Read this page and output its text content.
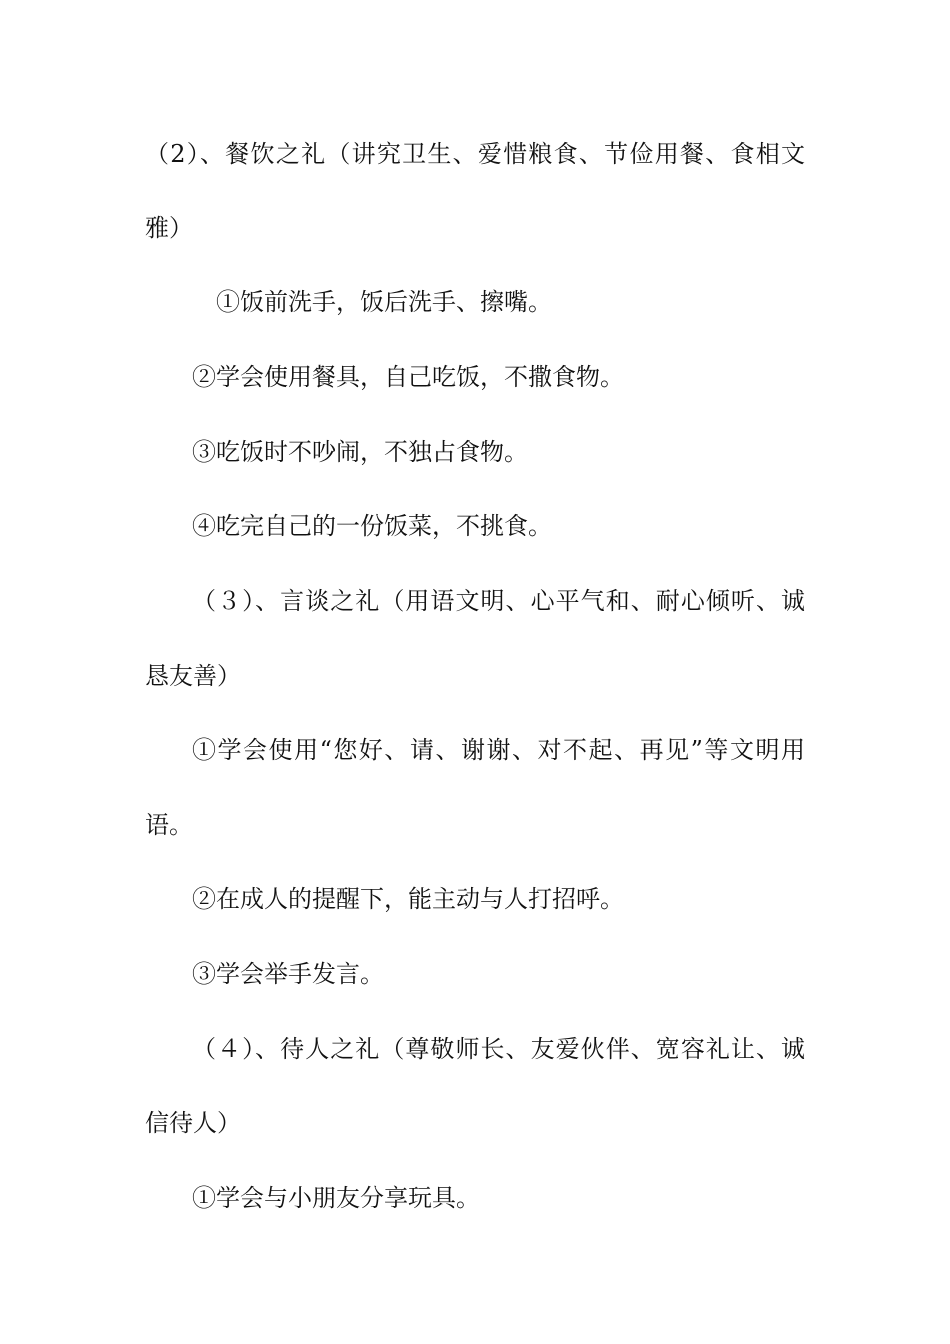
（2）、餐饮之礼（讲究卫生、爱惜粮食、节俭用餐、食相文

雅）

①饭前洗手，饭后洗手、擦嘴。

②学会使用餐具，自己吃饭，不撒食物。

③吃饭时不吵闹，不独占食物。

④吃完自己的一份饭菜，不挑食。

（３）、言谈之礼（用语文明、心平气和、耐心倾听、诚

恳友善）

①学会使用“您好、请、谢谢、对不起、再见”等文明用

语。

②在成人的提醒下，能主动与人打招呼。

③学会举手发言。

（４）、待人之礼（尊敬师长、友爱伙伴、宽容礼让、诚

信待人）

①学会与小朋友分享玩具。
